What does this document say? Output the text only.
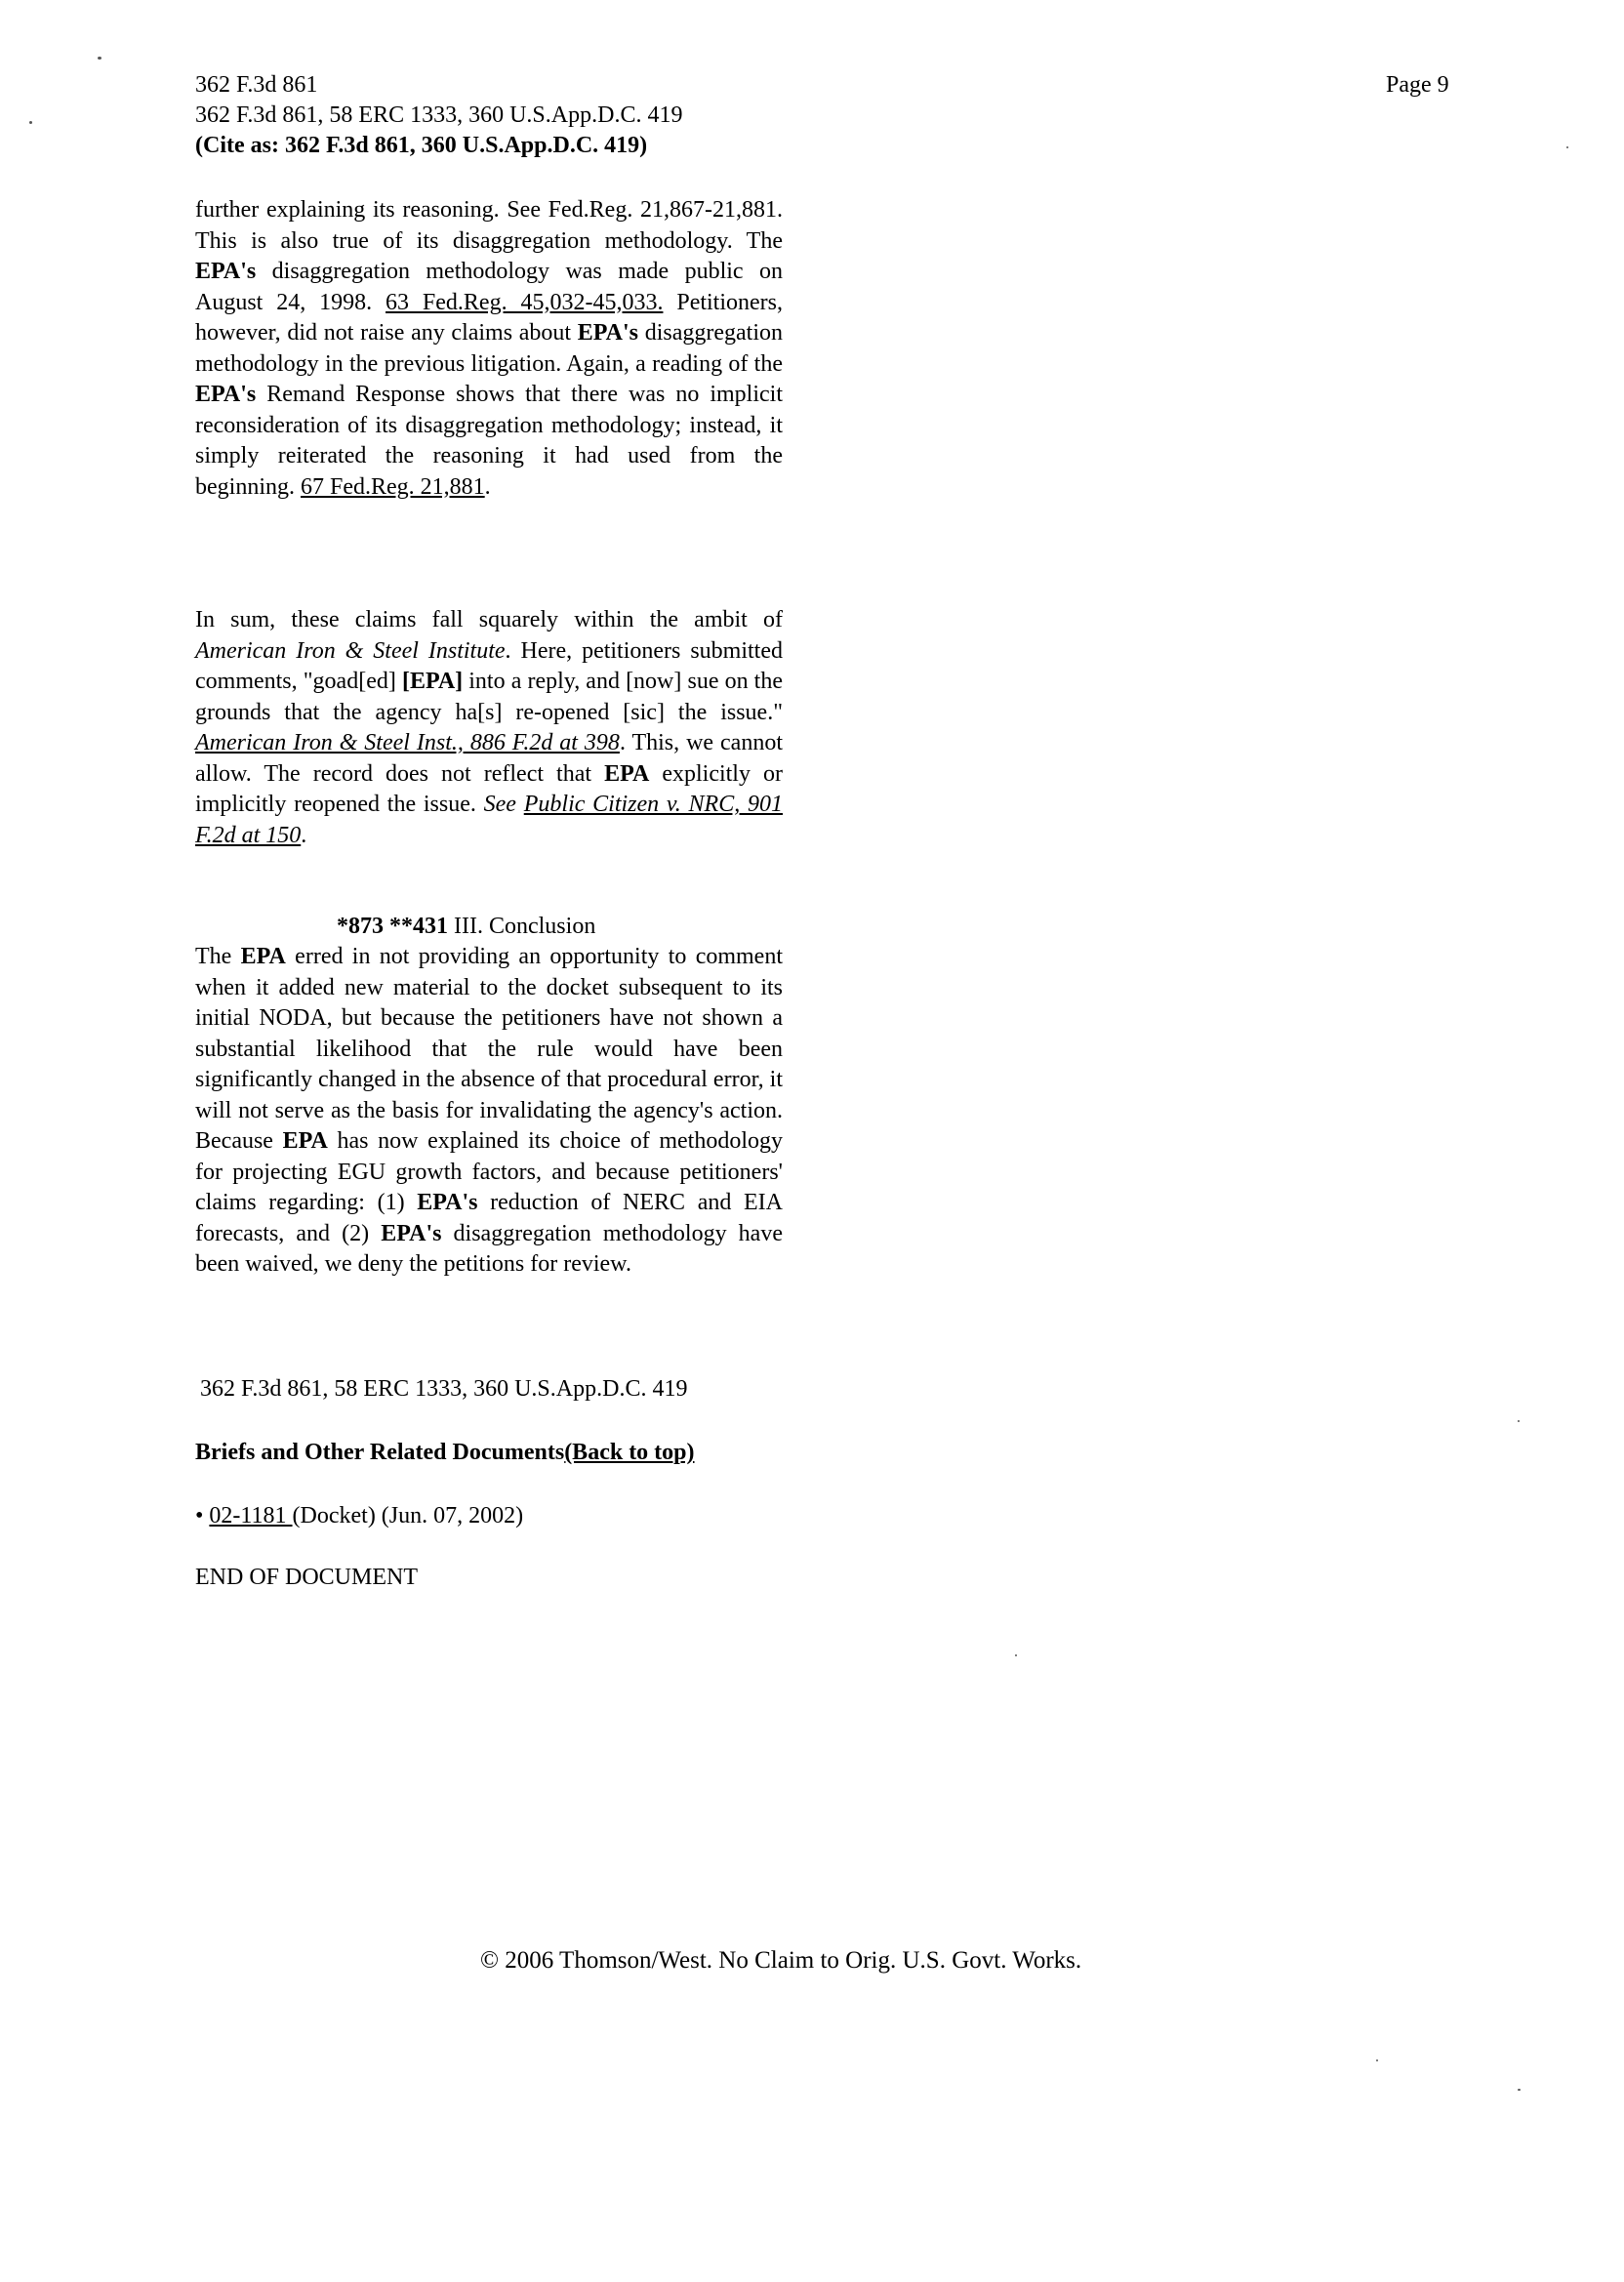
362 F.3d 861
362 F.3d 861, 58 ERC 1333, 360 U.S.App.D.C. 419
(Cite as: 362 F.3d 861, 360 U.S.App.D.C. 419)
Page 9

further explaining its reasoning. See Fed.Reg. 21,867-21,881. This is also true of its disaggregation methodology. The EPA's disaggregation methodology was made public on August 24, 1998. 63 Fed.Reg. 45,032-45,033. Petitioners, however, did not raise any claims about EPA's disaggregation methodology in the previous litigation. Again, a reading of the EPA's Remand Response shows that there was no implicit reconsideration of its disaggregation methodology; instead, it simply reiterated the reasoning it had used from the beginning. 67 Fed.Reg. 21,881.

In sum, these claims fall squarely within the ambit of American Iron & Steel Institute. Here, petitioners submitted comments, "goad[ed] [EPA] into a reply, and [now] sue on the grounds that the agency ha[s] re-opened [sic] the issue." American Iron & Steel Inst., 886 F.2d at 398. This, we cannot allow. The record does not reflect that EPA explicitly or implicitly reopened the issue. See Public Citizen v. NRC, 901 F.2d at 150.

*873 **431 III. Conclusion

The EPA erred in not providing an opportunity to comment when it added new material to the docket subsequent to its initial NODA, but because the petitioners have not shown a substantial likelihood that the rule would have been significantly changed in the absence of that procedural error, it will not serve as the basis for invalidating the agency's action. Because EPA has now explained its choice of methodology for projecting EGU growth factors, and because petitioners' claims regarding: (1) EPA's reduction of NERC and EIA forecasts, and (2) EPA's disaggregation methodology have been waived, we deny the petitions for review.

362 F.3d 861, 58 ERC 1333, 360 U.S.App.D.C. 419
Briefs and Other Related Documents(Back to top)
• 02-1181 (Docket) (Jun. 07, 2002)
END OF DOCUMENT
© 2006 Thomson/West. No Claim to Orig. U.S. Govt. Works.
